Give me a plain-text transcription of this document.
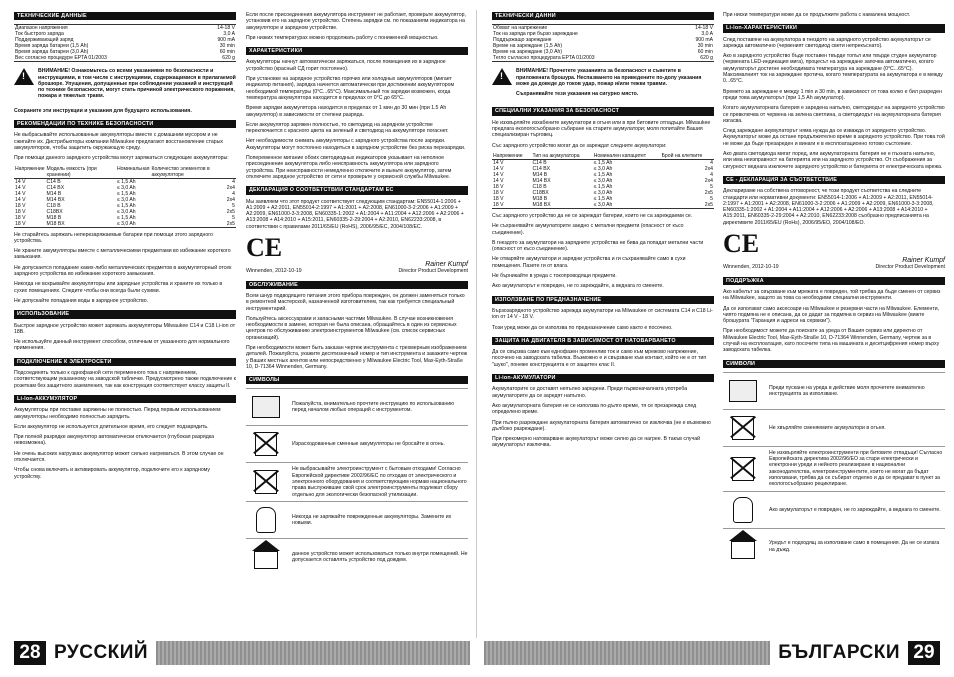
ТЕХНИЧЕСКИЕ ДАННЫЕ
Диапазон напряжения	14-18 V
Ток быстрого заряда	3,0 A
Поддерживающий заряд	900 mA
Время заряда батареи (1,5 Ah)	30 min
Время заряда батареи (3,0 Ah)	60 min
Вес согласно процедуре EPTA 01/2003	620 g
!	ВНИМАНИЕ! Ознакомьтесь со всеми указаниями по безопасности и инструкциями, в том числе с инструкциями, содержащимися в прилагаемой брошюре. Упущения, допущенные при соблюдении указаний и инструкций по технике безопасности, могут стать причиной электрического поражения, пожара и тяжелых травм.

Сохраните эти инструкции и указания для будущего использования.

РЕКОМЕНДАЦИИ ПО ТЕХНИКЕ БЕЗОПАСНОСТИ

Не выбрасывайте использованные аккумуляторы вместе с домашним мусором и не сжигайте их. Дистрибьюторы компании Milwaukee предлагают восстановление старых аккумуляторов, чтобы защитить окружающую среду.

При помощи данного зарядного устройства могут заряжаться следующие аккумуляторы:

Напряжение	Модель емкость (при хранении)	Номинальная	Количество элементов в аккумуляторе
14 V	C14 B	≤ 1,5 Ah	4
14 V	C14 BX	≤ 3,0 Ah	2x4
14 V	M14 B	≤ 1,5 Ah	4
14 V	M14 BX	≤ 3,0 Ah	2x4
18 V	C18 B	≤ 1,5 Ah	5
18 V	C18BX	≤ 3,0 Ah	2x5
18 V	M18 B	≤ 1,5 Ah	5
18 V	M18 BX	≤ 3,0 Ah	2x5

Не старайтесь заряжать неперезаряжаемые батареи при помощи этого зарядного устройства.

Не храните аккумуляторы вместе с металлическими предметами во избежание короткого замыкания.

Не допускается попадание каких-либо металлических предметов в аккумуляторный отсек зарядного устройства во избежание короткого замыкания.

Никогда не вскрывайте аккумуляторы или зарядные устройства и храните их только в сухих помещениях. Следите чтобы они всегда были сухими.

Не допускайте попадания воды в зарядное устройство.

ИСПОЛЬЗОВАНИЕ

Быстрое зарядное устройство может заряжать аккумуляторы Milwaukee C14 и C18 Li-ion от 18В.

Не используйте данный инструмент способом, отличным от указанного для нормального применения.

ПОДКЛЮЧЕНИЕ К ЭЛЕКТРОСЕТИ

Подсоединять только к однофазной сети переменного тока с напряжением, соответствующим указанному на заводской табличке. Предусмотрено также подключение к розеткам без защитного заземления, так как конструкция соответствует классу защиты II.

Li-Ion-АККУМУЛЯТОР

Аккумуляторы при поставке заряжены не полностью. Перед первым использованием аккумуляторы необходимо полностью зарядить.

Если аккумулятор не используется длительное время, его следует подзарядить.

При полной разрядке аккумулятор автоматически отключается (глубокая разрядка невозможна).

Не очень высоких нагрузках аккумулятор может сильно нагреваться. В этом случае он отключается.

Чтобы снова включить и активировать аккумулятор, подключите его к зарядному устройству.

Если после присоединения аккумулятора инструмент не работает, проверьте аккумулятор, установив его на зарядное устройство. Степень зарядки см. по показаниям индикатора на аккумуляторе и зарядном устройстве.

При низких температурах можно продолжать работу с пониженной мощностью.

ХАРАКТЕРИСТИКИ

Аккумуляторы начнут автоматически заряжаться, после помещения их в зарядное устройство (красный СД горит постоянно).

При установке на зарядное устройство горячих или холодных аккумуляторов (мигает индикатор питания), зарядка начнется автоматически при достижении аккумулятором необходимой температуры (0°C...65°C). Максимальный ток зарядки возможен, когда температура аккумулятора находится в пределах от 0°C до 65°C.

Время зарядки аккумулятора находится в пределах от 1 мин до 30 мин (при 1.5 Ah аккумулятор) в зависимости от степени разряда.

Если аккумулятор заряжен полностью, то светодиод на зарядном устройстве переключается с красного цвета на зеленый и светодиод на аккумуляторе погаснет.

Нет необходимости снимать аккумуляторы с зарядного устройства после зарядки. Аккумуляторы могут постоянно находиться в зарядном устройстве без риска перезарядки.

Попеременное мигание обоих светодиодных индикаторов указывает на неполное присоединение аккумулятора либо неисправность аккумулятора или зарядного устройства. При неисправности немедленно отключите и выньте аккумулятор, затем отключите зарядное устройство от сети и проверьте у сервисной службы Milwaukee.

ДЕКЛАРАЦИЯ О СООТВЕТСТВИИ СТАНДАРТАМ ЕС

Мы заявляем что этот продукт соответствует следующим стандартам: EN55014-1:2006 + A1:2009 + A2:2011, EN55014-2:1997 + A1:2001 + A2:2008, EN61000-3-2:2006 + A1:2009 + A2:2009, EN61000-3-3:2008, EN60335-1:2002 + A1:2004 + A11:2004 + A12:2006 + A2:2006 + A13:2008 + A14:2010 + A15:2011, EN60335-2-29:2004 + A2:2010, EN62233:2008, в соответствии с правилами 2011/65/EU (RoHS), 2006/95/EC, 2004/108/EC.

CE
Rainer Kumpf
Winnenden, 2012-10-19	Director Product Development
ОБСЛУЖИВАНИЕ

Всем шнур подводящего питания этого прибора поврежден, он должен заменяться только в ремонтной мастерской, назначенной изготовителем, так как требуется специальный инструментарий.

Пользуйтесь аксессуарами и запасными частями Milwaukee. В случае возникновения необходимости в замене, которая не была описана, обращайтесь в один из сервисных центров по обслуживанию электроинструментов Milwaukee (см. список сервисных организаций).

При необходимости может быть заказан чертеж инструмента с трехмерным изображением деталей. Пожалуйста, укажите десятизначный номер и тип инструмента и закажите чертеж у Ваших местных агентов или непосредственно у Milwaukee Electric Tool, Max-Eyth-Straße 10, D-71364 Winnenden, Germany.

СИМВОЛЫ
Пожалуйста, внимательно прочтите инструкцию по использованию перед началом любых операций с инструментом.
Израсходованные сменные аккумуляторы не бросайте в огонь.
Не выбрасывайте электроинструмент с бытовым отходами! Согласно Европейской директиве 2002/96/ЕС по отходам от электрического и электронного оборудования и соответствующим нормам национального права выслужившие свой срок электроинструменты подлежат сбору отдельно для экологически безопасной утилизации.
Никогда не заряжайте поврежденные аккумуляторы. Замените их новыми.
данное устройство может использоваться только внутри помещений. Не допускается оставлять устройство под дождем.
ТЕХНИЧЕСКИ ДАННИ
Обхват на напрежение	14-18 V
Ток на заряда при бързо зареждане	3,0 A
Поддържащо зареждане	900 mA
Време на зареждане (1,5 Ah)	30 min
Време на зареждане (3,0 Ah)	60 min
Тегло съгласно процедурата EPTA 01/2003	620 g
!	ВНИМАНИЕ! Прочетете указанията за безопасност и съветите в приложената брошура. Неспазването на приведените по-долу указания може да доведе до токов удар, пожар и/или тежки травми.

Съхранявайте тези указания на сигурно място.

СПЕЦИАЛНИ УКАЗАНИЯ ЗА БЕЗОПАСНОСТ

Не изхвърляйте изхабените акумулатори в огъня или в при битовите отпадъци. Milwaukee предлага екологосъобразно събиране на старите акумулатори; моля попитайте Вашия специализиран търговец.

Със зарядното устройство могат да се зареждат следните акумулатори:

Напрежение	Тип на акумулатора	Номинален капацитет	Брой на клетките
14 V	C14 B	≤ 1,5 Ah	4
14 V	C14 BX	≤ 3,0 Ah	2x4
14 V	M14 B	≤ 1,5 Ah	4
14 V	M14 BX	≤ 3,0 Ah	2x4
18 V	C18 B	≤ 1,5 Ah	5
18 V	C18BX	≤ 3,0 Ah	2x5
18 V	M18 B	≤ 1,5 Ah	5
18 V	M18 BX	≤ 3,0 Ah	2x5

Със зарядното устройство да не се зареждат батерии, които не са зареждаеми се.

Не съхранявайте акумулаторите заедно с метални предмети (опасност от късо съединение).

В гнездото за акумулатори на зарядните устройства не бива да попадат метални части (опасност от късо съединение).

Не отваряйте акумулатори и зарядни устройства и ги съхранявайте само в сухи помещения. Пазете ги от влага.

Не бърникайте в уреда с токопроводящи предмети.

Ако акумулаторът е повреден, не го зареждайте, а веднага го сменете.

ИЗПОЛЗВАНЕ ПО ПРЕДНАЗНАЧЕНИЕ

Бързозарядното устройство зарежда акумулатори на Milwaukee от системата C14 и C18 Li-ion от 14 V - 18 V.

Този уред може да се използва по предназначение само както е посочено.

ЗАЩИТА НА ДВИГАТЕЛЯ В ЗАВИСИМОСТ ОТ НАТОВАРВАНЕТО

Да се свързва само към еднофазен променлив ток и само към мрежово напрежение, посочено на заводската табелка. Възможно е и свързване към контакт, който не е от тип "шуко", понеже конструкцията е от защитен клас II.

Li-ion-АКУМУЛАТОРИ

Акумулаторите се доставят непълно заредени. Преди първоначалната употреба акумулаторите да се заредят напълно.

Ако акумулаторната батерия не се използва по-дълго време, тя се презарежда след определено време.

При пълно разреждане акумулаторната батерия автоматично се изключва (не е възможно дълбоко разреждане).

При прекомерно натоварване акумулаторът може силно да се нагрее. В такъв случай акумулаторът изключва.

При ниски температури може да се продължите работа с намалена мощност.

Li-Ion-ХАРАКТЕРИСТИКИ

След поставяне на акумулатора в гнездото на зарядното устройство акумулаторът се зарежда автоматично (червеният светодиод свети непрекъснато).

Ако в зарядното устройство бъде поставен твърде топъл или твърде студен акумулатор (червената LED-индикация мига), процесът на зареждане започва автоматично, когато акумулаторът достигне необходимата температура на зареждане (0°C...65°C). Максималният ток на зареждане протича, когато температурата на акумулатора е в между 0...65°C.

Времето за зареждане е между 1 min и 30 min, в зависимост от това колко е бил разреден преди това акумулаторът (при 1,5 Ah акумулатор).

Когато акумулаторната батерия е заредена напълно, светодиодът на зарядното устройство се превключва от червена на зелена светлина, а светодиодът на акумулаторната батерия изгасва.

След зареждане акумулаторът няма нужда да се изважда от зарядното устройство. Акумулаторът може да остане продължително време в зарядното устройство. При това той не може да бъде презареден и винаги е в експлоатационно готово състояние.

Ако двата светодиода мигат поред, или акумулаторната батерия не е пъхната напълно, или има неизправност на батерията или на зарядното устройство. От съображения за сигурност веднага изключете зарядното устройство и батерията от електрическата мрежа.

CE - ДЕКЛАРАЦИЯ ЗА СЪОТВЕТСТВИЕ

Декларираме на собствена отговорност, че този продукт съответства на следните стандарти или нормативни документи: EN55014-1:2006 + A1:2009 + A2:2011, EN55014-2:1997 + A1:2001 + A2:2008, EN61000-3-2:2006 + A1:2009 + A2:2009, EN61000-3-3:2008, EN60335-1:2002 + A1:2004 + A11:2004 + A12:2006 + A2:2006 + A13:2008 + A14:2010 + A15:2011, EN60335-2-29:2004 + A2:2010, EN62233:2008 съобразно предписанията на директивите 2011/65/EU (RoHs), 2006/95/EO, 2004/108/EO.

CE
Rainer Kumpf
Winnenden, 2012-10-19	Director Product Development
ПОДДРЪЖКА

Ако кабелът за свързване към мрежата е повреден, той трябва да бъде сменен от сервиз на Milwaukee, защото за това са необходими специални инструменти.

Да се използват само аксесоари на Milwaukee и резервни части на Milwaukee. Елементи, чиято подмяна не е описана, да се дадат за подмяна в сервиз на Milwaukee (вижте брошурата "Гаранция и адреси на сервизи").

При необходимост можете да поискате за уреда от Вашия сервиз или директно от Milwaukee Electric Tool, Max-Eyth-Straße 10, D-71364 Winnenden, Germany, чертеж за в случай на експлоатация, като посочите типа на машината и десетцифрения номер върху заводската табелка.

СИМВОЛИ
Преди пускане на уреда в действие моля прочетете внимателно инструкцията за използване.
Не хвърляйте сменяемите акумулатори в огъня.
Не изхвърляйте електроинструменти при битовите отпадъци! Съгласно Европейската директива 2002/96/ЕО за стари електрически и електронни уреди и нейното реализиране в национални законодателства, електроинструментите, които не могат да бъдат използвани, трябва да се събират отделно и да се предават в пункт за екологосъобразно рециклиране.
Ако акумулаторът е повреден, не го зареждайте, а веднага го сменете.
Уредът е подходящ за използване само в помещения. Да не се излага на дъжд.
28 РУССКИЙ	БЪЛГАРСКИ 29
